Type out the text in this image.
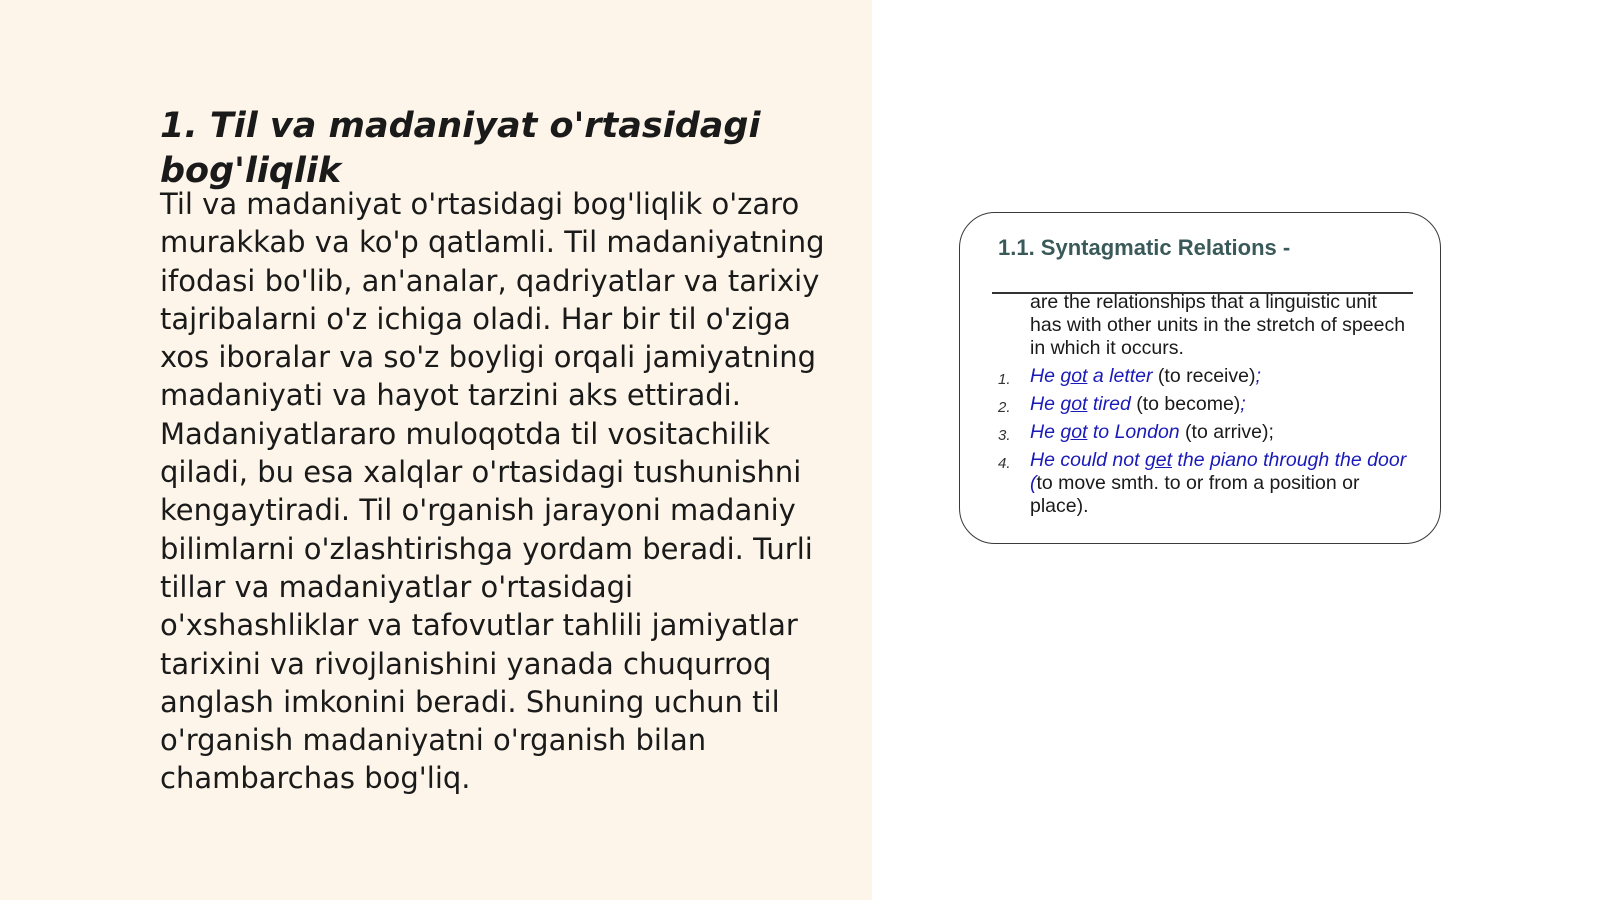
1. Til va madaniyat o'rtasidagi bog'liqlik

Til va madaniyat o'rtasidagi bog'liqlik o'zaro murakkab va ko'p qatlamli. Til madaniyatning ifodasi bo'lib, an'analar, qadriyatlar va tarixiy tajribalarni o'z ichiga oladi. Har bir til o'ziga xos iboralar va so'z boyligi orqali jamiyatning madaniyati va hayot tarzini aks ettiradi. Madaniyatlararo muloqotda til vositachilik qiladi, bu esa xalqlar o'rtasidagi tushunishni kengaytiradi. Til o'rganish jarayoni madaniy bilimlarni o'zlashtirishga yordam beradi. Turli tillar va madaniyatlar o'rtasidagi o'xshashliklar va tafovutlar tahlili jamiyatlar tarixini va rivojlanishini yanada chuqurroq anglash imkonini beradi. Shuning uchun til o'rganish madaniyatni o'rganish bilan chambarchas bog'liq.

1.1. Syntagmatic Relations -
are the relationships that a linguistic unit has with other units in the stretch of speech in which it occurs.
1. He got a letter (to receive);
2. He got tired (to become);
3. He got to London (to arrive);
4. He could not get the piano through the door (to move smth. to or from a position or place).
